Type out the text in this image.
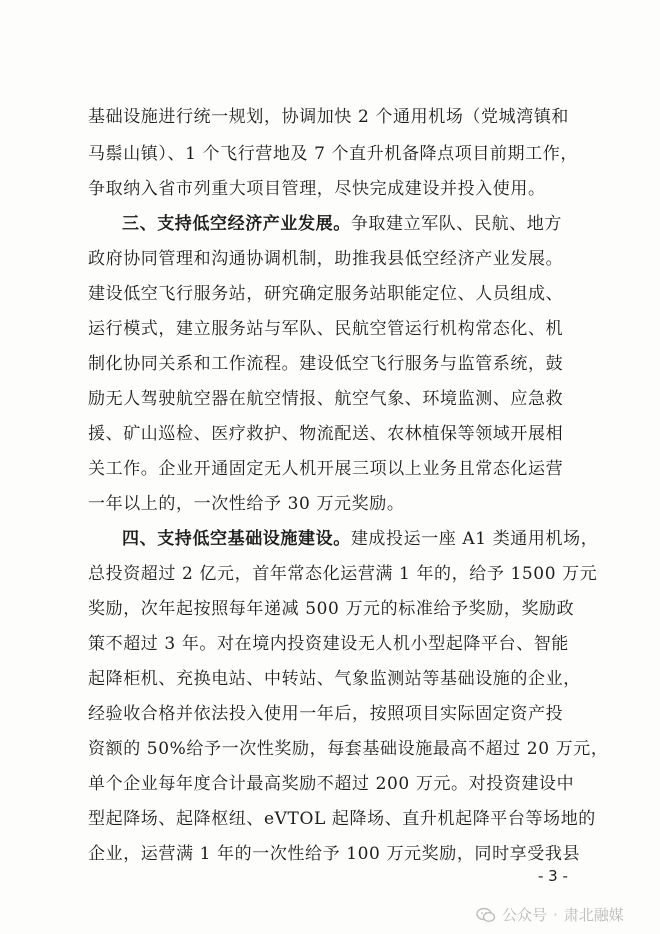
基础设施进行统一规划，协调加快 2 个通用机场（党城湾镇和
马鬃山镇）、1 个飞行营地及 7 个直升机备降点项目前期工作，
争取纳入省市列重大项目管理，尽快完成建设并投入使用。
三、支持低空经济产业发展。争取建立军队、民航、地方
政府协同管理和沟通协调机制，助推我县低空经济产业发展。
建设低空飞行服务站，研究确定服务站职能定位、人员组成、
运行模式，建立服务站与军队、民航空管运行机构常态化、机
制化协同关系和工作流程。建设低空飞行服务与监管系统，鼓
励无人驾驶航空器在航空情报、航空气象、环境监测、应急救
援、矿山巡检、医疗救护、物流配送、农林植保等领域开展相
关工作。企业开通固定无人机开展三项以上业务且常态化运营
一年以上的，一次性给予 30 万元奖励。
四、支持低空基础设施建设。建成投运一座 A1 类通用机场，
总投资超过 2 亿元，首年常态化运营满 1 年的，给予 1500 万元
奖励，次年起按照每年递减 500 万元的标准给予奖励，奖励政
策不超过 3 年。对在境内投资建设无人机小型起降平台、智能
起降柜机、充换电站、中转站、气象监测站等基础设施的企业，
经验收合格并依法投入使用一年后，按照项目实际固定资产投
资额的 50%给予一次性奖励，每套基础设施最高不超过 20 万元，
单个企业每年度合计最高奖励不超过 200 万元。对投资建设中
型起降场、起降枢纽、eVTOL 起降场、直升机起降平台等场地的
企业，运营满 1 年的一次性给予 100 万元奖励，同时享受我县
- 3 -
公众号 · 肃北融媒
